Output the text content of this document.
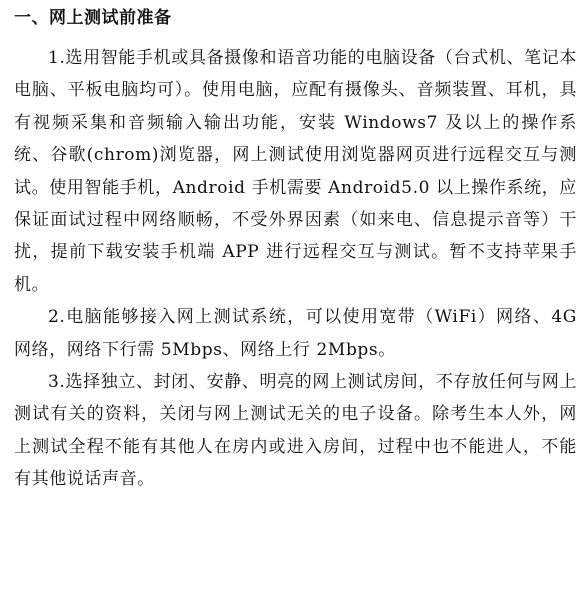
一、网上测试前准备

1.选用智能手机或具备摄像和语音功能的电脑设备（台式机、笔记本电脑、平板电脑均可）。使用电脑，应配有摄像头、音频装置、耳机，具有视频采集和音频输入输出功能，安装 Windows7 及以上的操作系统、谷歌(chrom)浏览器，网上测试使用浏览器网页进行远程交互与测试。使用智能手机，Android 手机需要 Android5.0 以上操作系统，应保证面试过程中网络顺畅，不受外界因素（如来电、信息提示音等）干扰，提前下载安装手机端 APP 进行远程交互与测试。暂不支持苹果手机。

2.电脑能够接入网上测试系统，可以使用宽带（WiFi）网络、4G 网络，网络下行需 5Mbps、网络上行 2Mbps。

3.选择独立、封闭、安静、明亮的网上测试房间，不存放任何与网上测试有关的资料，关闭与网上测试无关的电子设备。除考生本人外，网上测试全程不能有其他人在房内或进入房间，过程中也不能进人，不能有其他说话声音。
